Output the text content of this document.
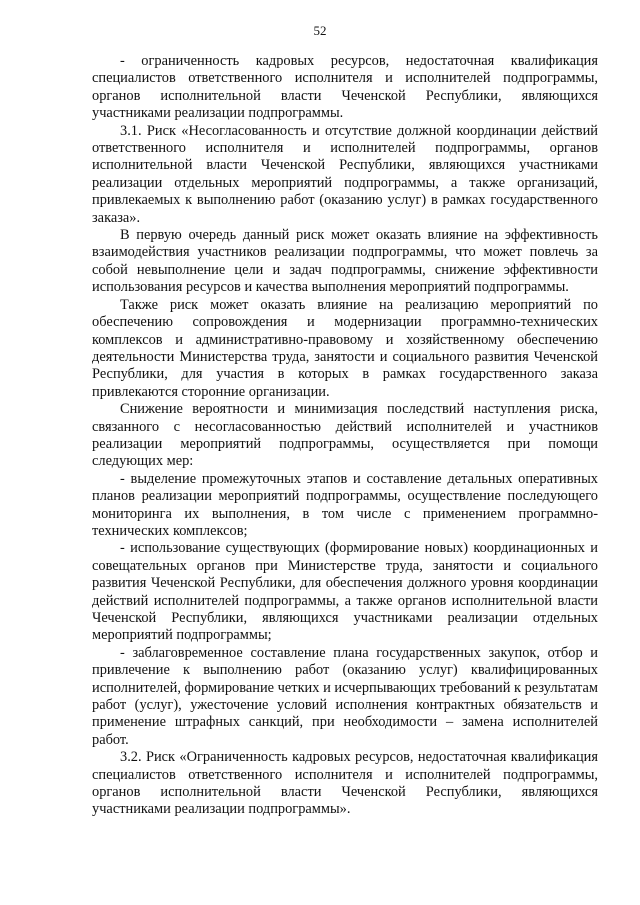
52

- ограниченность кадровых ресурсов, недостаточная квалификация специалистов ответственного исполнителя и исполнителей подпрограммы, органов исполнительной власти Чеченской Республики, являющихся участниками реализации подпрограммы.

3.1. Риск «Несогласованность и отсутствие должной координации действий ответственного исполнителя и исполнителей подпрограммы, органов исполнительной власти Чеченской Республики, являющихся участниками реализации отдельных мероприятий подпрограммы, а также организаций, привлекаемых к выполнению работ (оказанию услуг) в рамках государственного заказа».

В первую очередь данный риск может оказать влияние на эффективность взаимодействия участников реализации подпрограммы, что может повлечь за собой невыполнение цели и задач подпрограммы, снижение эффективности использования ресурсов и качества выполнения мероприятий подпрограммы.

Также риск может оказать влияние на реализацию мероприятий по обеспечению сопровождения и модернизации программно-технических комплексов и административно-правовому и хозяйственному обеспечению деятельности Министерства труда, занятости и социального развития Чеченской Республики, для участия в которых в рамках государственного заказа привлекаются сторонние организации.

Снижение вероятности и минимизация последствий наступления риска, связанного с несогласованностью действий исполнителей и участников реализации мероприятий подпрограммы, осуществляется при помощи следующих мер:

- выделение промежуточных этапов и составление детальных оперативных планов реализации мероприятий подпрограммы, осуществление последующего мониторинга их выполнения, в том числе с применением программно-технических комплексов;

- использование существующих (формирование новых) координационных и совещательных органов при Министерстве труда, занятости и социального развития Чеченской Республики, для обеспечения должного уровня координации действий исполнителей подпрограммы, а также органов исполнительной власти Чеченской Республики, являющихся участниками реализации отдельных мероприятий подпрограммы;

- заблаговременное составление плана государственных закупок, отбор и привлечение к выполнению работ (оказанию услуг) квалифицированных исполнителей, формирование четких и исчерпывающих требований к результатам работ (услуг), ужесточение условий исполнения контрактных обязательств и применение штрафных санкций, при необходимости – замена исполнителей работ.

3.2. Риск «Ограниченность кадровых ресурсов, недостаточная квалификация специалистов ответственного исполнителя и исполнителей подпрограммы, органов исполнительной власти Чеченской Республики, являющихся участниками реализации подпрограммы».
